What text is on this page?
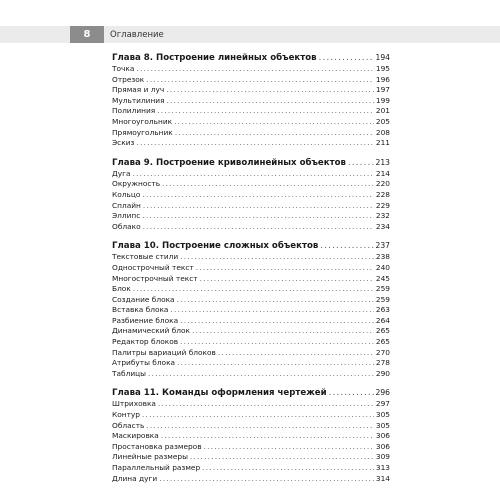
8	Оглавление
Глава 8. Построение линейных объектов .....	194
Точка .....	195
Отрезок .....	196
Прямая и луч .....	197
Мультилиния .....	199
Полилиния .....	201
Многоугольник .....	205
Прямоугольник .....	208
Эскиз .....	211
Глава 9. Построение криволинейных объектов .....	213
Дуга .....	214
Окружность .....	220
Кольцо .....	228
Сплайн .....	229
Эллипс .....	232
Облако .....	234
Глава 10. Построение сложных объектов .....	237
Текстовые стили .....	238
Однострочный текст .....	240
Многострочный текст .....	245
Блок .....	259
Создание блока .....	259
Вставка блока .....	263
Разбиение блока .....	264
Динамический блок .....	265
Редактор блоков .....	265
Палитры вариаций блоков .....	270
Атрибуты блока .....	278
Таблицы .....	290
Глава 11. Команды оформления чертежей .....	296
Штриховка .....	297
Контур .....	305
Область .....	305
Маскировка .....	306
Простановка размеров .....	306
Линейные размеры .....	309
Параллельный размер .....	313
Длина дуги .....	314
